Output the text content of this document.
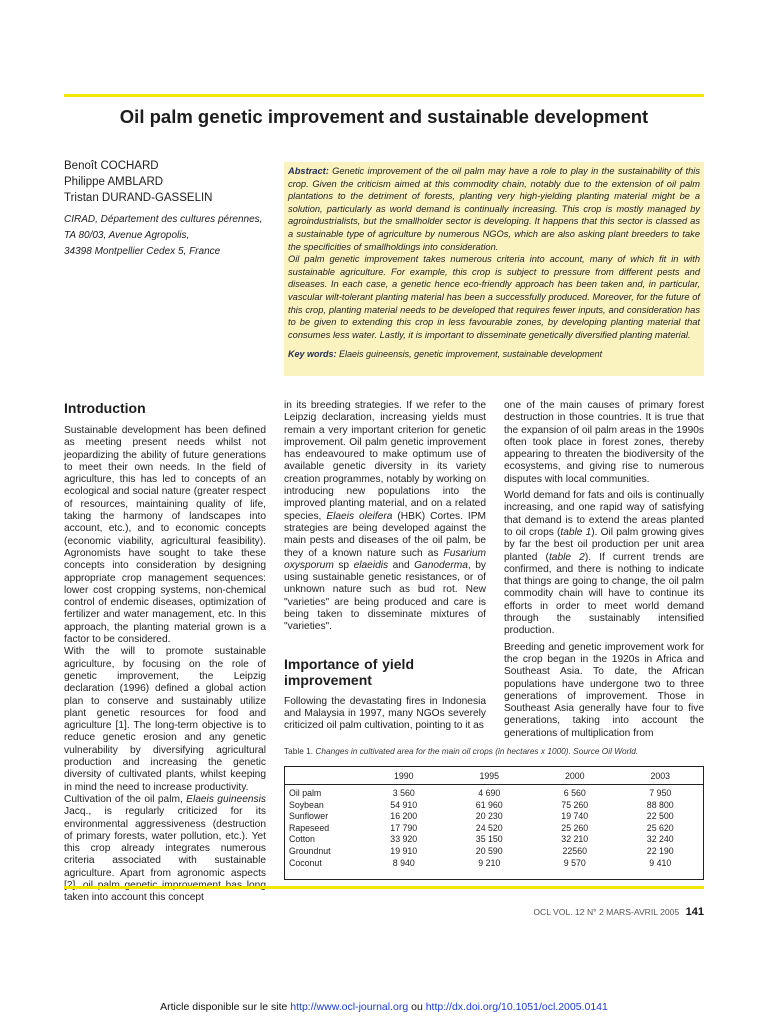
Oil palm genetic improvement and sustainable development
Benoît COCHARD
Philippe AMBLARD
Tristan DURAND-GASSELIN
CIRAD, Département des cultures pérennes,
TA 80/03, Avenue Agropolis,
34398 Montpellier Cedex 5, France

Abstract: Genetic improvement of the oil palm may have a role to play in the sustainability of this crop. Given the criticism aimed at this commodity chain, notably due to the extension of oil palm plantations to the detriment of forests, planting very high-yielding planting material might be a solution, particularly as world demand is continually increasing. This crop is mostly managed by agroindustrialists, but the smallholder sector is developing. It happens that this sector is classed as a sustainable type of agriculture by numerous NGOs, which are also asking plant breeders to take the specificities of smallholdings into consideration.

Oil palm genetic improvement takes numerous criteria into account, many of which fit in with sustainable agriculture. For example, this crop is subject to pressure from different pests and diseases. In each case, a genetic hence eco-friendly approach has been taken and, in particular, vascular wilt-tolerant planting material has been a successfully produced. Moreover, for the future of this crop, planting material needs to be developed that requires fewer inputs, and consideration has to be given to extending this crop in less favourable zones, by developing planting material that consumes less water. Lastly, it is important to disseminate genetically diversified planting material.

Key words: Elaeis guineensis, genetic improvement, sustainable development

Introduction

Sustainable development has been defined as meeting present needs whilst not jeopardizing the ability of future generations to meet their own needs. In the field of agriculture, this has led to concepts of an ecological and social nature (greater respect of resources, maintaining quality of life, taking the harmony of landscapes into account, etc.), and to economic concepts (economic viability, agricultural feasibility). Agronomists have sought to take these concepts into consideration by designing appropriate crop management sequences: lower cost cropping systems, non-chemical control of endemic diseases, optimization of fertilizer and water management, etc. In this approach, the planting material grown is a factor to be considered.

With the will to promote sustainable agriculture, by focusing on the role of genetic improvement, the Leipzig declaration (1996) defined a global action plan to conserve and sustainably utilize plant genetic resources for food and agriculture [1]. The long-term objective is to reduce genetic erosion and any genetic vulnerability by diversifying agricultural production and increasing the genetic diversity of cultivated plants, whilst keeping in mind the need to increase productivity.

Cultivation of the oil palm, Elaeis guineensis Jacq., is regularly criticized for its environmental aggressiveness (destruction of primary forests, water pollution, etc.). Yet this crop already integrates numerous criteria associated with sustainable agriculture. Apart from agronomic aspects taken into account this concept

in its breeding strategies. If we refer to the Leipzig declaration, increasing yields must remain a very important criterion for genetic improvement. Oil palm genetic improvement has endeavoured to make optimum use of available genetic diversity in its variety creation programmes, notably by working on introducing new populations into the improved planting material, and on a related species, Elaeis oleifera (HBK) Cortes. IPM strategies are being developed against the main pests and diseases of the oil palm, be they of a known nature such as Fusarium oxysporum sp elaeidis and Ganoderma, by using sustainable genetic resistances, or of unknown nature such as bud rot. New "varieties" are being produced and care is being taken to disseminate mixtures of "varieties".

Importance of yield improvement

Following the devastating fires in Indonesia and Malaysia in 1997, many NGOs severely criticized oil palm cultivation, pointing to it as

one of the main causes of primary forest destruction in those countries. It is true that the expansion of oil palm areas in the 1990s often took place in forest zones, thereby appearing to threaten the biodiversity of the ecosystems, and giving rise to numerous disputes with local communities.

World demand for fats and oils is continually increasing, and one rapid way of satisfying that demand is to extend the areas planted to oil crops (table 1). Oil palm growing gives by far the best oil production per unit area planted (table 2). If current trends are confirmed, and there is nothing to indicate that things are going to change, the oil palm commodity chain will have to continue its efforts in order to meet world demand through the sustainably intensified production.

Breeding and genetic improvement work for the crop began in the 1920s in Africa and Southeast Asia. To date, the African populations have undergone two to three generations of improvement. Those in Southeast Asia generally have four to five generations, taking into account the generations of multiplication from

Table 1. Changes in cultivated area for the main oil crops (in hectares x 1000). Source Oil World.
	1990	1995	2000	2003
Oil palm	3 560	4 690	6 560	7 950
Soybean	54 910	61 960	75 260	88 800
Sunflower	16 200	20 230	19 740	22 500
Rapeseed	17 790	24 520	25 260	25 620
Cotton	33 920	35 150	32 210	32 240
Groundnut	19 910	20 590	22560	22 190
Coconut	8 940	9 210	9 570	9 410
OCL VOL. 12 N° 2 MARS-AVRIL 2005 141
Article disponible sur le site http://www.ocl-journal.org ou http://dx.doi.org/10.1051/ocl.2005.0141
